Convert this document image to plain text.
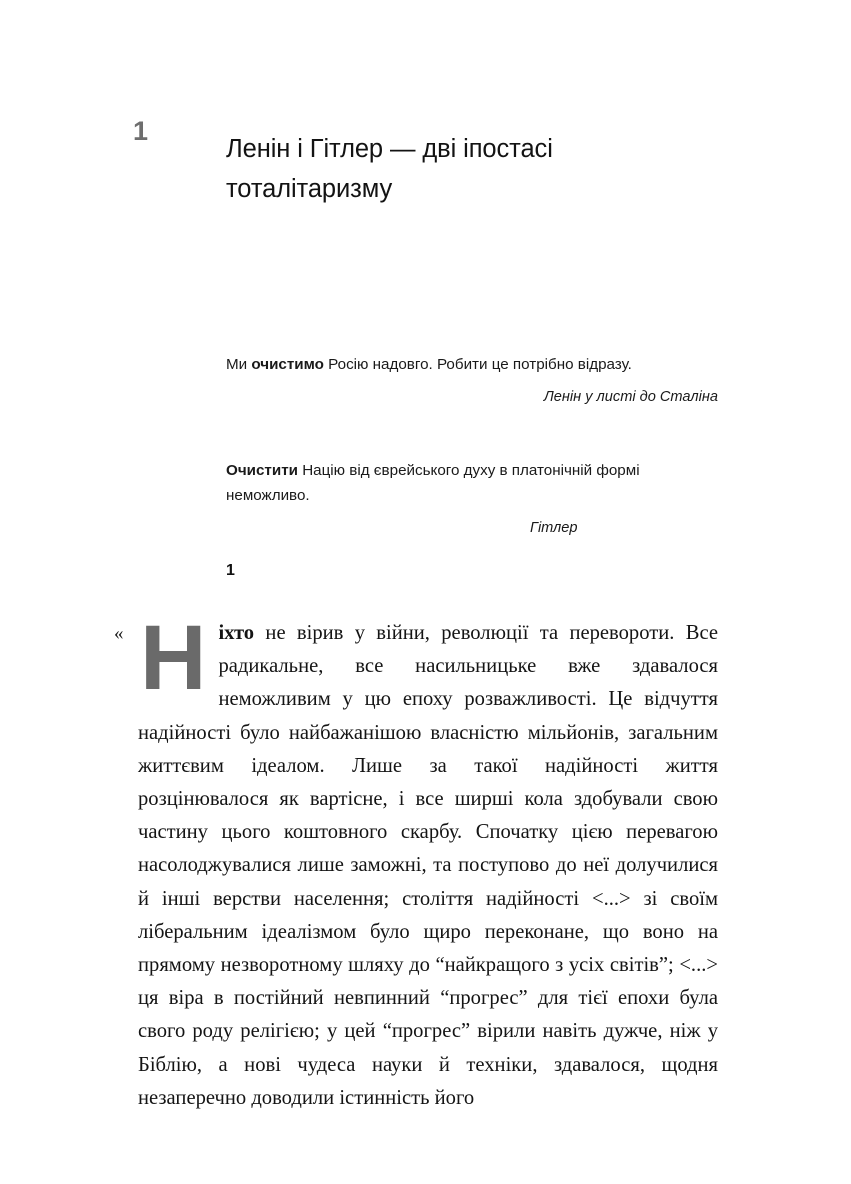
1
Ленін і Гітлер — дві іпостасі тоталітаризму
Ми очистимо Росію надовго. Робити це потрібно відразу.
Ленін у листі до Сталіна
Очистити Націю від єврейського духу в платонічній формі неможливо.
Гітлер
1
« Ніхто не вірив у війни, революції та перевороти. Все радикальне, все насильницьке вже здавалося неможливим у цю епоху розважливості. Це відчуття надійності було найбажанішою власністю мільйонів, загальним життєвим ідеалом. Лише за такої надійності життя розцінювалося як вартісне, і все ширші кола здобували свою частину цього коштовного скарбу. Спочатку цією перевагою насолоджувалися лише заможні, та поступово до неї долучилися й інші верстви населення; століття надійності <...> зі своїм ліберальним ідеалізмом було щиро переконане, що воно на прямому незворотному шляху до “найкращого з усіх світів”; <...> ця віра в постійний невпинний “прогрес” для тієї епохи була свого роду релігією; у цей “прогрес” вірили навіть дужче, ніж у Біблію, а нові чудеса науки й техніки, здавалося, щодня незаперечно доводили істинність його
